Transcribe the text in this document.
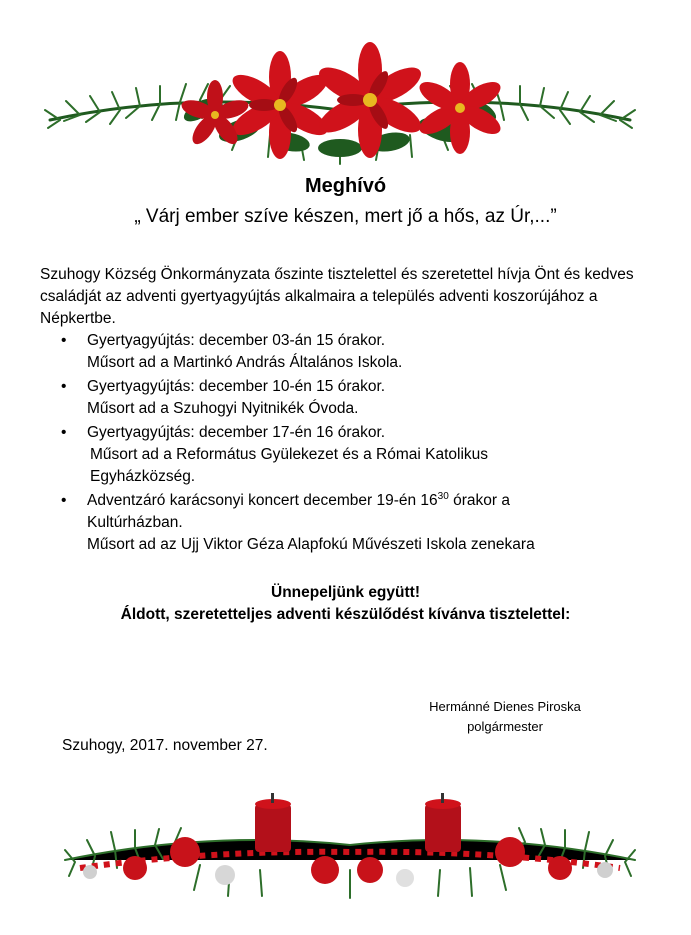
Meghívó
„ Várj ember szíve készen, mert jő a hős, az Úr,...”
Szuhogy Község Önkormányzata őszinte tisztelettel és szeretettel hívja Önt és kedves családját az adventi gyertyagyújtás alkalmaira a település adventi koszorújához a Népkertbe.
• Gyertyagyújtás: december 03-án 15 órakor.
Műsort ad a Martinkó András Általános Iskola.
• Gyertyagyújtás: december 10-én 15 órakor.
Műsort ad a Szuhogyi Nyitnikék Óvoda.
• Gyertyagyújtás: december 17-én 16 órakor.
Műsort ad a Református Gyülekezet és a Római Katolikus
Egyházközség.
• Adventzáró karácsonyi koncert december 19-én $16^{30}$ órakor a
Kultúrházban.
Műsort ad az Ujj Viktor Géza Alapfokú Művészeti Iskola zenekara
Ünnepeljünk együtt!
Áldott, szeretetteljes adventi készülődést kívánva tisztelettel:
Hermánné Dienes Piroska
polgármester
Szuhogy, 2017. november 27.
